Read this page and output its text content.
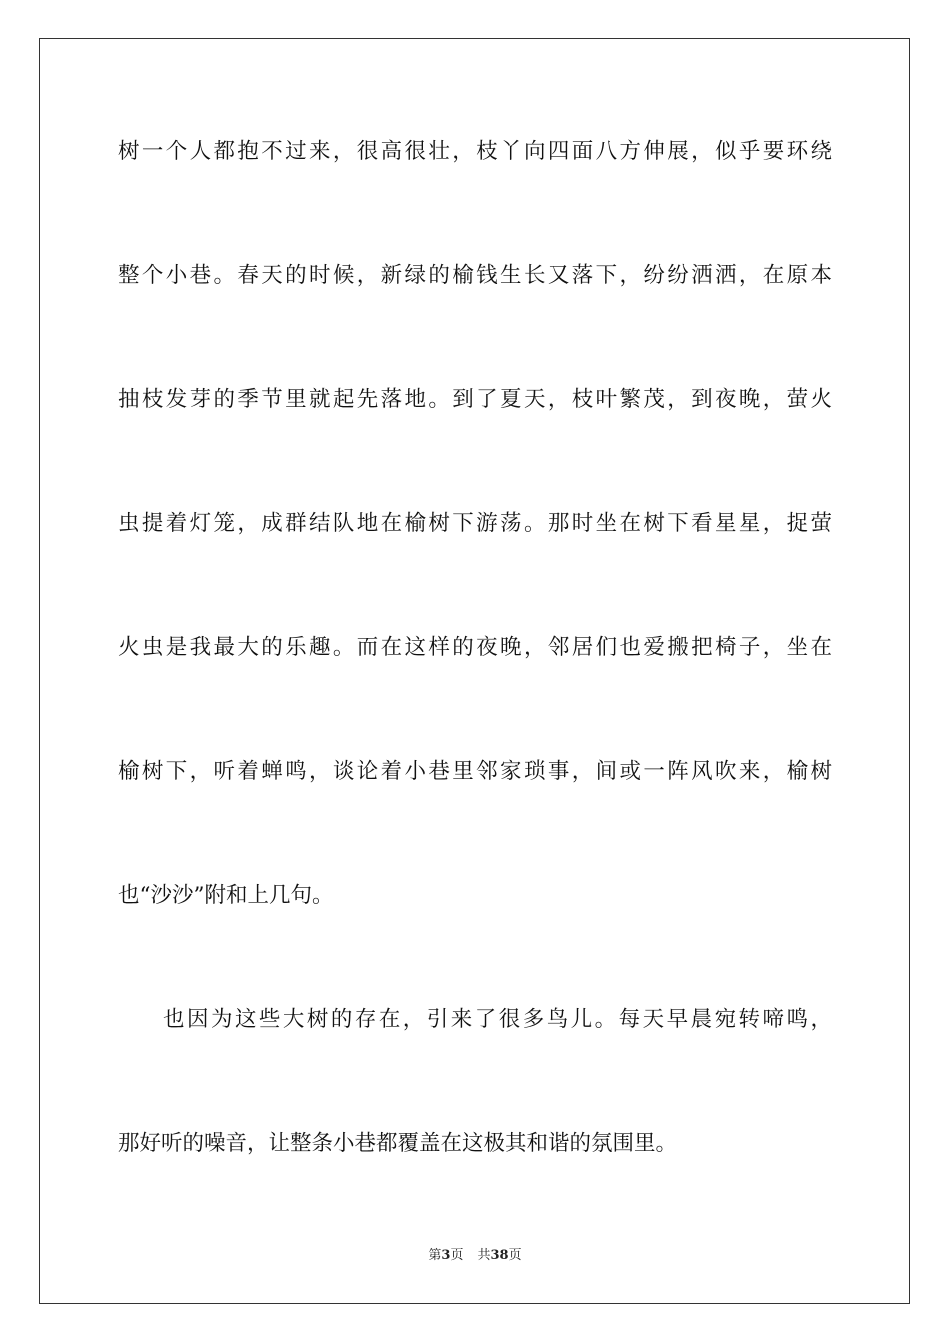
树一个人都抱不过来，很高很壮，枝丫向四面八方伸展，似乎要环绕
整个小巷。春天的时候，新绿的榆钱生长又落下，纷纷洒洒，在原本
抽枝发芽的季节里就起先落地。到了夏天，枝叶繁茂，到夜晚，萤火
虫提着灯笼，成群结队地在榆树下游荡。那时坐在树下看星星，捉萤
火虫是我最大的乐趣。而在这样的夜晚，邻居们也爱搬把椅子，坐在
榆树下，听着蝉鸣，谈论着小巷里邻家琐事，间或一阵风吹来，榆树
也“沙沙”附和上几句。
也因为这些大树的存在，引来了很多鸟儿。每天早晨宛转啼鸣，
那好听的噪音，让整条小巷都覆盖在这极其和谐的氛围里。
第3页 共38页
